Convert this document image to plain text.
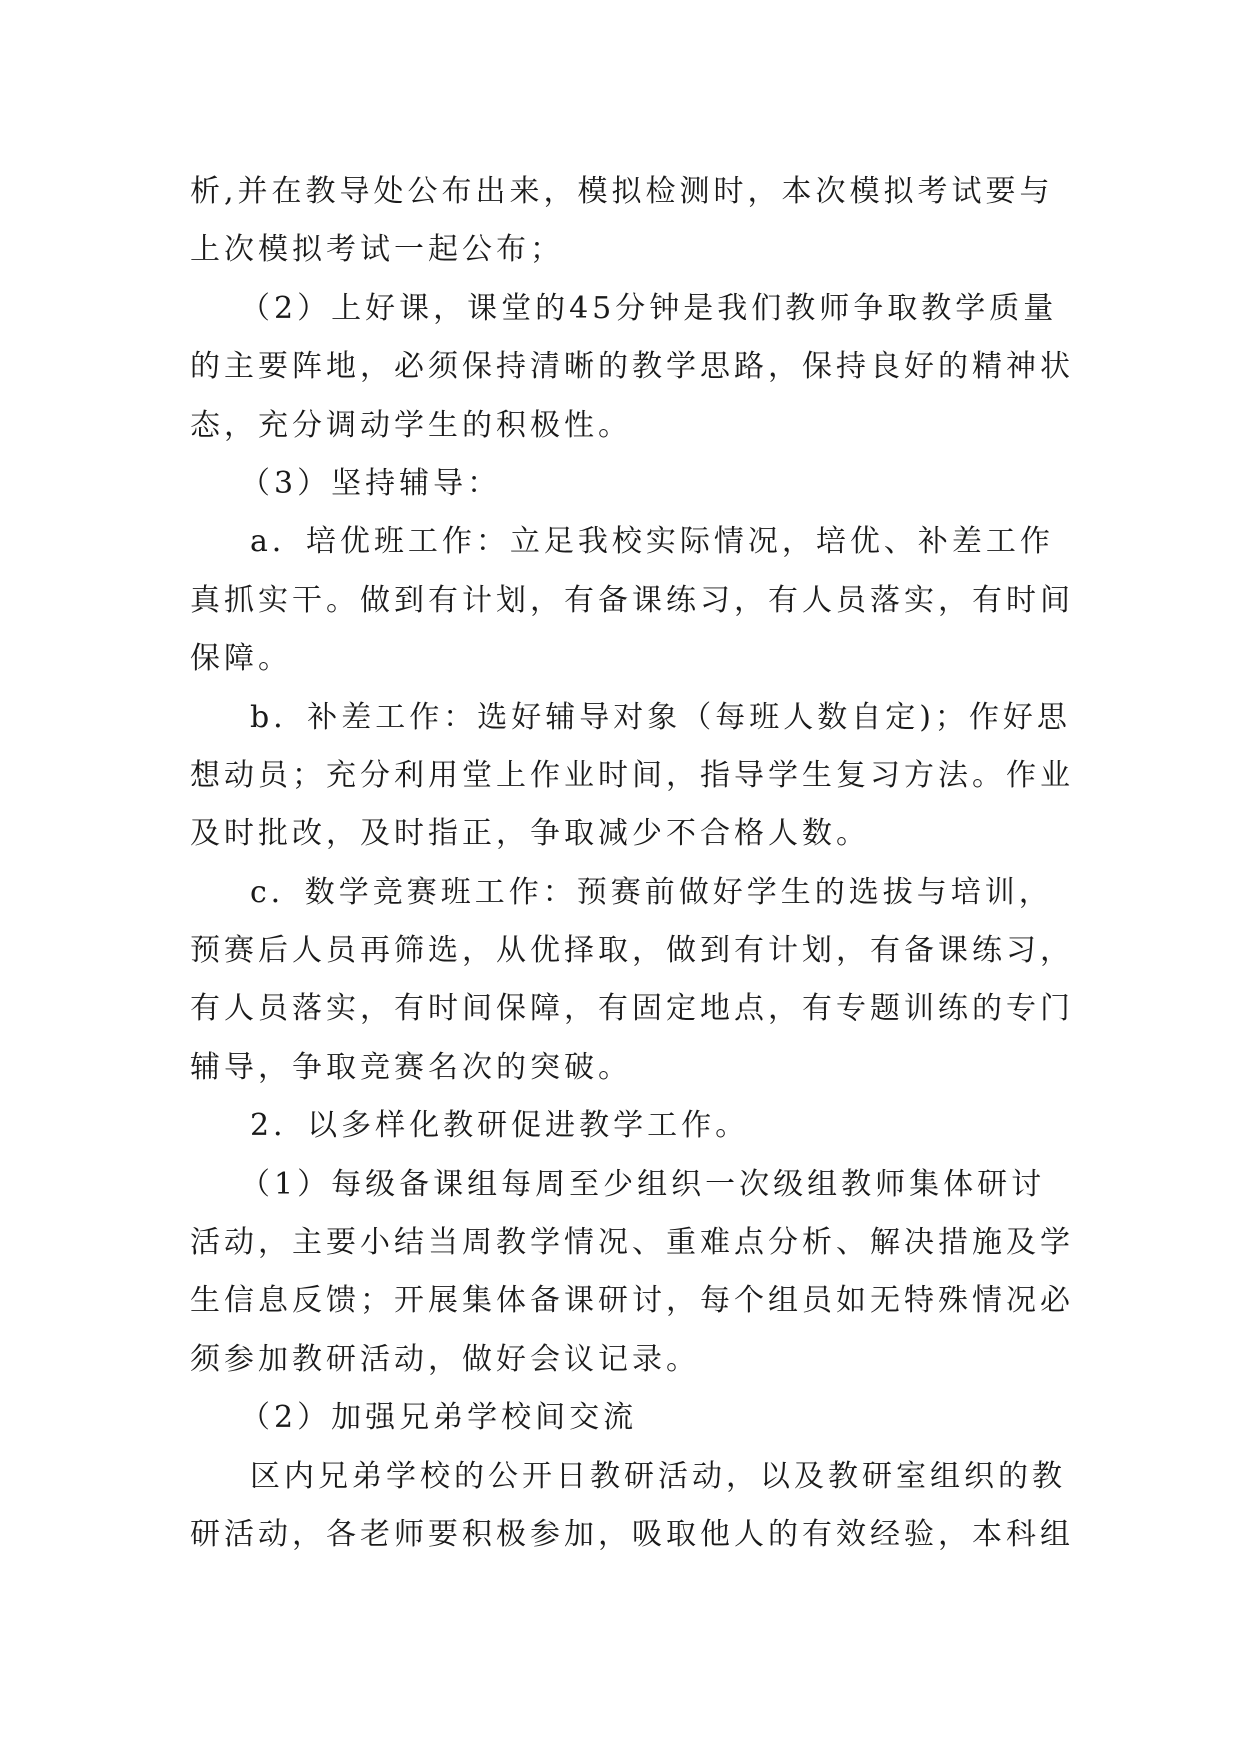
析,并在教导处公布出来，模拟检测时，本次模拟考试要与
上次模拟考试一起公布；
（2）上好课，课堂的45分钟是我们教师争取教学质量
的主要阵地，必须保持清晰的教学思路，保持良好的精神状
态，充分调动学生的积极性。
（3）坚持辅导：
a．培优班工作：立足我校实际情况，培优、补差工作
真抓实干。做到有计划，有备课练习，有人员落实，有时间
保障。
b．补差工作：选好辅导对象（每班人数自定)；作好思
想动员；充分利用堂上作业时间，指导学生复习方法。作业
及时批改，及时指正，争取减少不合格人数。
c．数学竞赛班工作：预赛前做好学生的选拔与培训，
预赛后人员再筛选，从优择取，做到有计划，有备课练习，
有人员落实，有时间保障，有固定地点，有专题训练的专门
辅导，争取竞赛名次的突破。
2．以多样化教研促进教学工作。
（1）每级备课组每周至少组织一次级组教师集体研讨
活动，主要小结当周教学情况、重难点分析、解决措施及学
生信息反馈；开展集体备课研讨，每个组员如无特殊情况必
须参加教研活动，做好会议记录。
（2）加强兄弟学校间交流
区内兄弟学校的公开日教研活动，以及教研室组织的教
研活动，各老师要积极参加，吸取他人的有效经验，本科组
